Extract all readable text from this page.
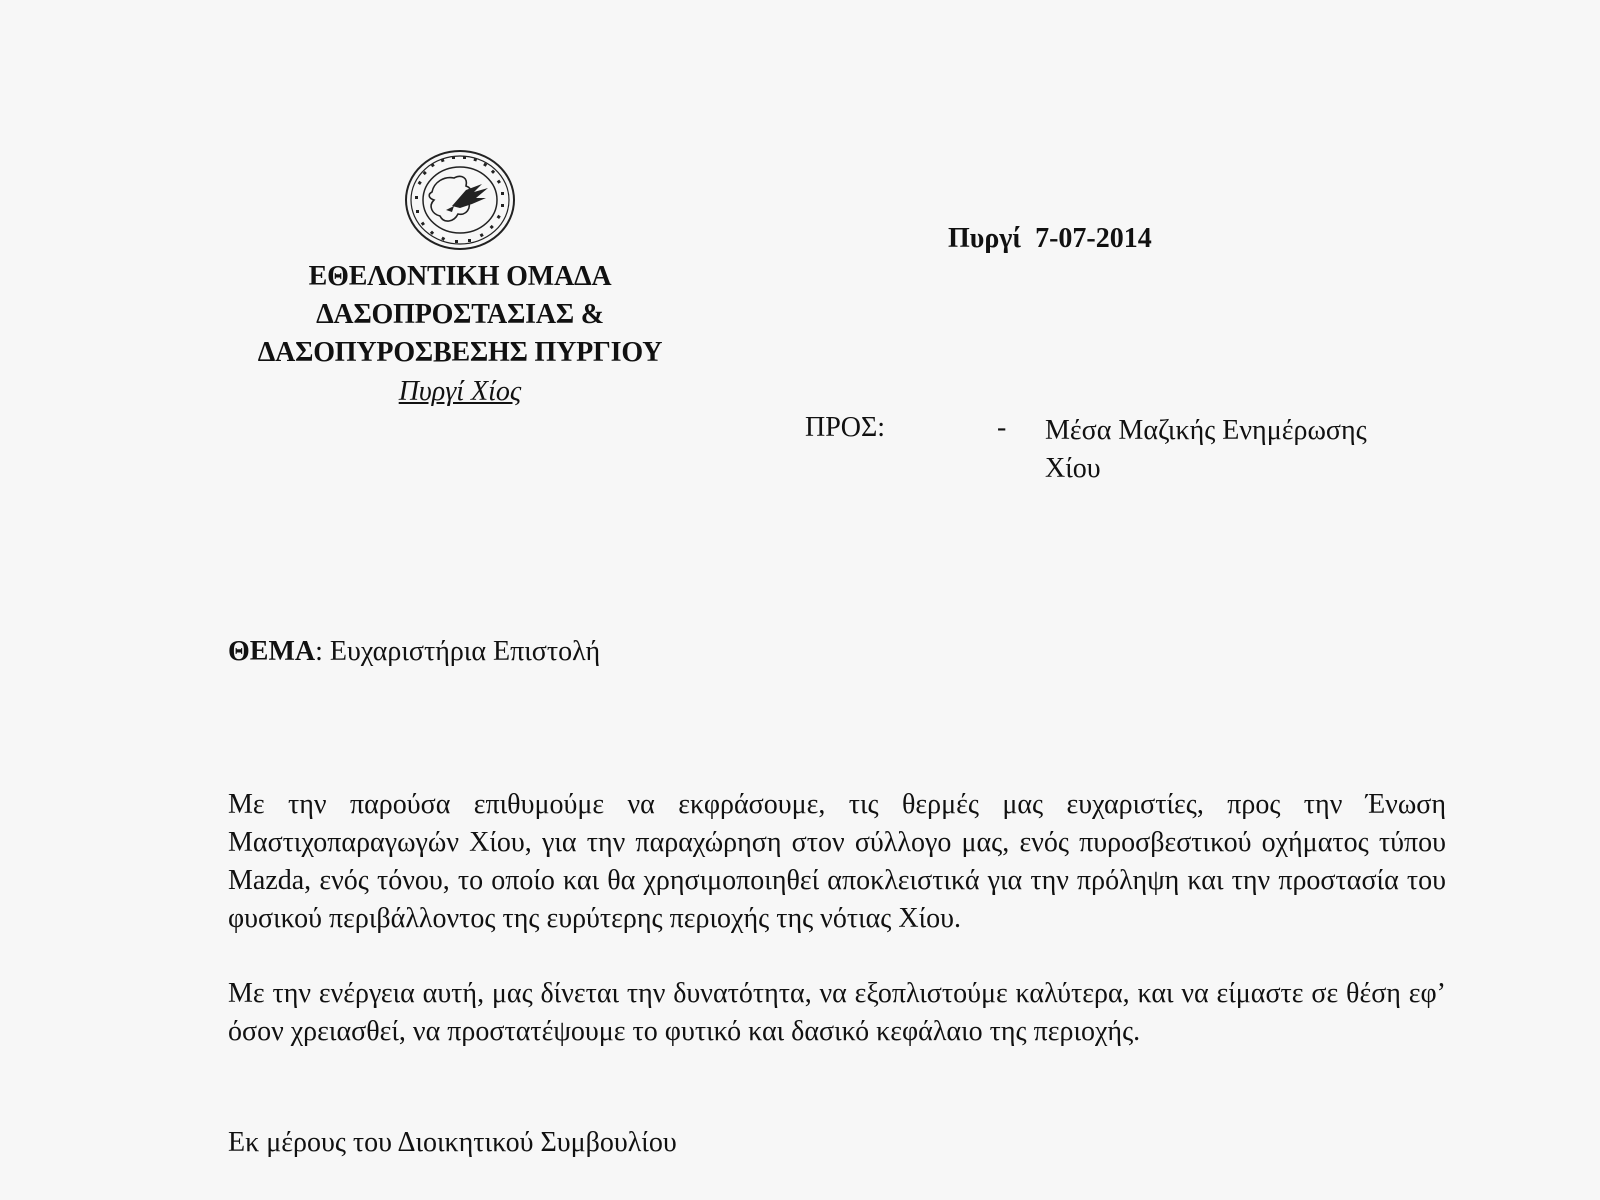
ΕΘΕΛΟΝΤΙΚΗ ΟΜΑΔΑ
ΔΑΣΟΠΡΟΣΤΑΣΙΑΣ &
ΔΑΣΟΠΥΡΟΣΒΕΣΗΣ ΠΥΡΓΙΟΥ
Πυργί Χίος
Πυργί  7-07-2014
ΠΡΟΣ:	- Μέσα Μαζικής Ενημέρωσης Χίου
ΘΕΜΑ: Ευχαριστήρια Επιστολή
Με την παρούσα επιθυμούμε να εκφράσουμε, τις θερμές μας ευχαριστίες, προς την Ένωση Μαστιχοπαραγωγών Χίου, για την παραχώρηση στον σύλλογο μας, ενός πυροσβεστικού οχήματος τύπου Mazda, ενός τόνου, το οποίο και θα χρησιμοποιηθεί αποκλειστικά για την πρόληψη και την προστασία του φυσικού περιβάλλοντος της ευρύτερης περιοχής της νότιας Χίου.
Με την ενέργεια αυτή, μας δίνεται την δυνατότητα, να εξοπλιστούμε καλύτερα, και να είμαστε σε θέση εφ’ όσον χρειασθεί, να προστατέψουμε το φυτικό και δασικό κεφάλαιο της περιοχής.
Εκ μέρους του Διοικητικού Συμβουλίου
